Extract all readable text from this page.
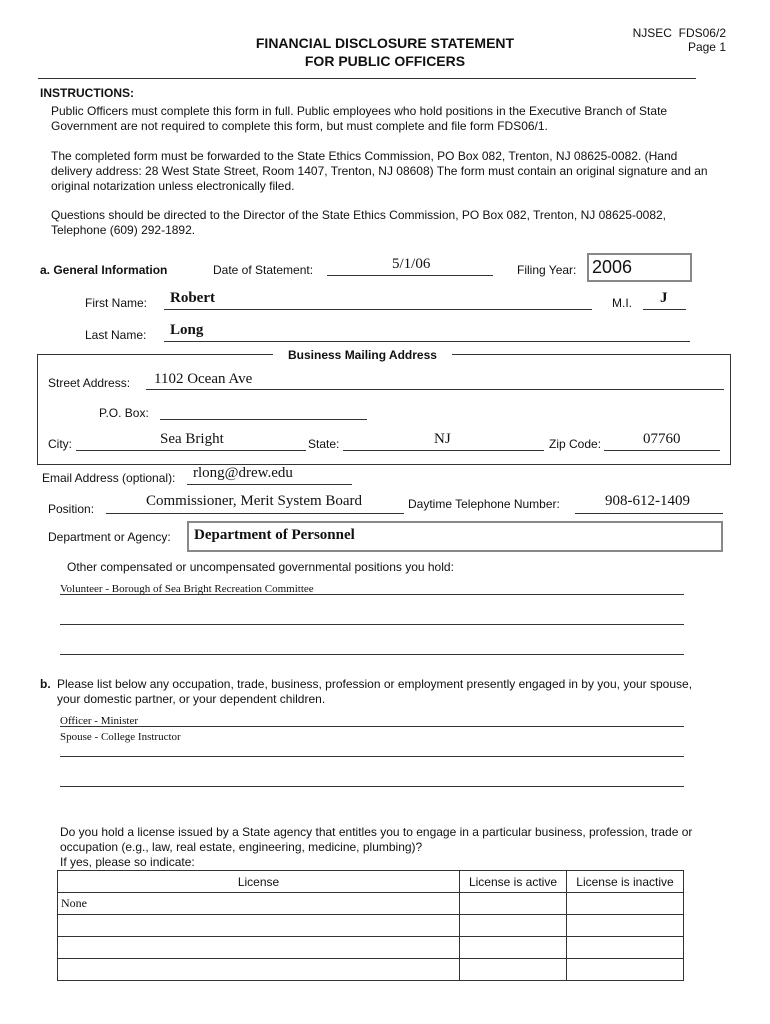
FINANCIAL DISCLOSURE STATEMENT
FOR PUBLIC OFFICERS
NJSEC  FDS06/2
Page 1
INSTRUCTIONS:
Public Officers must complete this form in full. Public employees who hold positions in the Executive Branch of State Government are not required to complete this form, but must complete and file form FDS06/1.
The completed form must be forwarded to the State Ethics Commission, PO Box 082, Trenton, NJ 08625-0082. (Hand delivery address: 28 West State Street, Room 1407, Trenton, NJ 08608) The form must contain an original signature and an original notarization unless electronically filed.
Questions should be directed to the Director of the State Ethics Commission, PO Box 082, Trenton, NJ 08625-0082, Telephone (609) 292-1892.
a. General Information	Date of Statement:	5/1/06	Filing Year: 2006
First Name: Robert	M.I. J
Last Name: Long
Business Mailing Address
Street Address: 1102 Ocean Ave
P.O. Box:
City:	Sea Bright	State:	NJ	Zip Code:	07760
Email Address (optional): rlong@drew.edu
Position:	Commissioner, Merit System Board	Daytime Telephone Number:	908-612-1409
Department or Agency: Department of Personnel
Other compensated or uncompensated governmental positions you hold:
Volunteer - Borough of Sea Bright Recreation Committee
b. Please list below any occupation, trade, business, profession or employment presently engaged in by you, your spouse, your domestic partner, or your dependent children.
Officer - Minister
Spouse - College Instructor
Do you hold a license issued by a State agency that entitles you to engage in a particular business, profession, trade or occupation (e.g., law, real estate, engineering, medicine, plumbing)?
If yes, please so indicate:
License	License is active	License is inactive
None		
